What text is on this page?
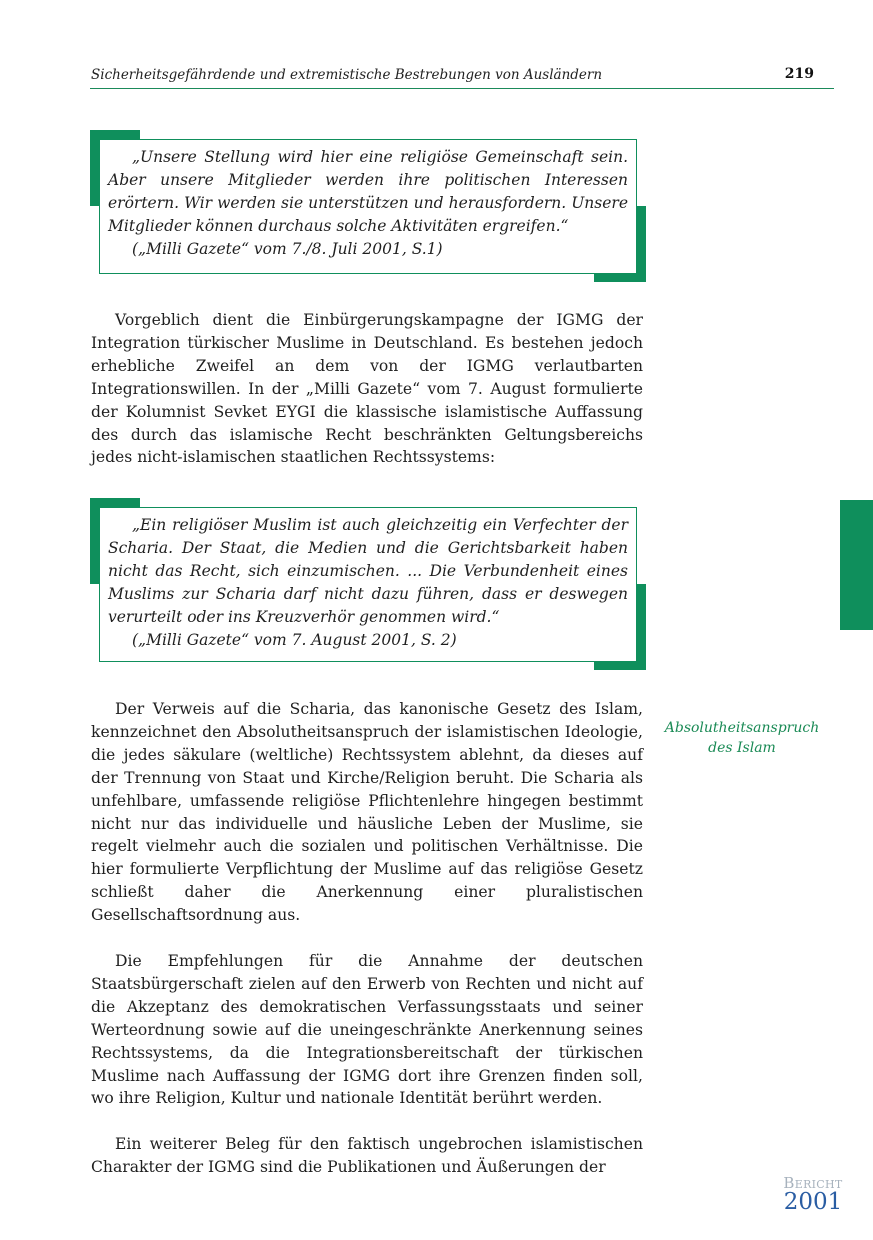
Sicherheitsgefährdende und extremistische Bestrebungen von Ausländern	219

„Unsere Stellung wird hier eine religiöse Gemeinschaft sein. Aber unsere Mitglieder werden ihre politischen Interessen erörtern. Wir werden sie unterstützen und herausfordern. Unsere Mitglieder können durchaus solche Aktivitäten ergreifen.“

(„Milli Gazete“ vom 7./8. Juli 2001, S.1)

Vorgeblich dient die Einbürgerungskampagne der IGMG der Integration türkischer Muslime in Deutschland. Es bestehen jedoch erhebliche Zweifel an dem von der IGMG verlautbarten Integrationswillen. In der „Milli Gazete“ vom 7. August formulierte der Kolumnist Sevket EYGI die klassische islamistische Auffassung des durch das islamische Recht beschränkten Geltungsbereichs jedes nicht-islamischen staatlichen Rechtssystems:

„Ein religiöser Muslim ist auch gleichzeitig ein Verfechter der Scharia. Der Staat, die Medien und die Gerichtsbarkeit haben nicht das Recht, sich einzumischen. ... Die Verbundenheit eines Muslims zur Scharia darf nicht dazu führen, dass er deswegen verurteilt oder ins Kreuzverhör genommen wird.“

(„Milli Gazete“ vom 7. August 2001, S. 2)

Der Verweis auf die Scharia, das kanonische Gesetz des Islam, kennzeichnet den Absolutheitsanspruch der islamistischen Ideologie, die jedes säkulare (weltliche) Rechtssystem ablehnt, da dieses auf der Trennung von Staat und Kirche/Religion beruht. Die Scharia als unfehlbare, umfassende religiöse Pflichtenlehre hingegen bestimmt nicht nur das individuelle und häusliche Leben der Muslime, sie regelt vielmehr auch die sozialen und politischen Verhältnisse. Die hier formulierte Verpflichtung der Muslime auf das religiöse Gesetz schließt daher die Anerkennung einer pluralistischen Gesellschaftsordnung aus.

Absolutheitsanspruch
des Islam

Die Empfehlungen für die Annahme der deutschen Staatsbürgerschaft zielen auf den Erwerb von Rechten und nicht auf die Akzeptanz des demokratischen Verfassungsstaats und seiner Werteordnung sowie auf die uneingeschränkte Anerkennung seines Rechtssystems, da die Integrationsbereitschaft der türkischen Muslime nach Auffassung der IGMG dort ihre Grenzen finden soll, wo ihre Religion, Kultur und nationale Identität berührt werden.

Ein weiterer Beleg für den faktisch ungebrochen islamistischen Charakter der IGMG sind die Publikationen und Äußerungen der

Bericht
2001
